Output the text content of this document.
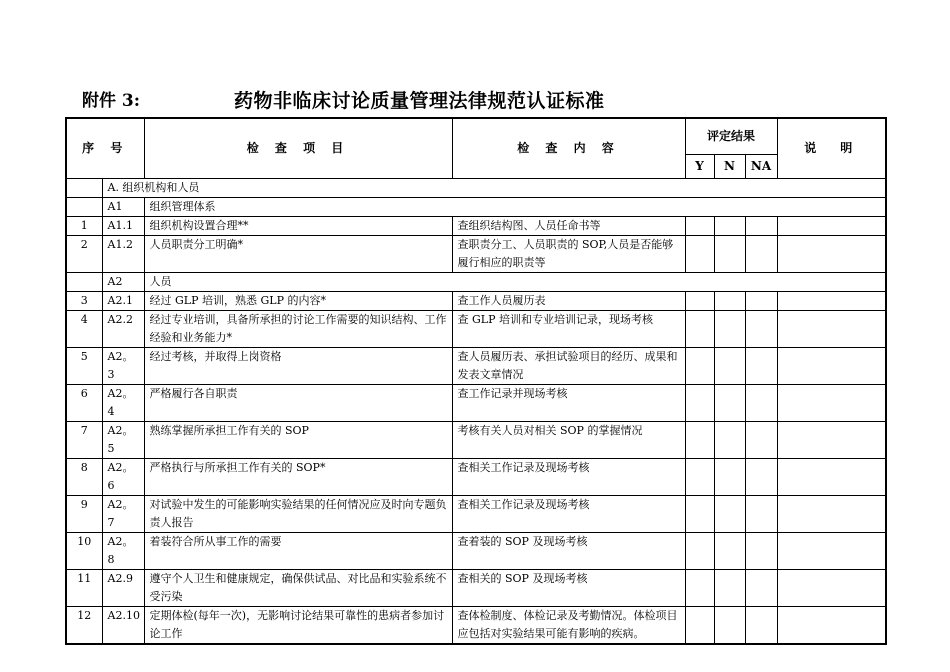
附件 3:	药物非临床讨论质量管理法律规范认证标准
序 号		检 查 项 目	检 查 内 容	评定结果			说　明
				Y	N	NA	
	A. 组织机构和人员						
	A1	组织管理体系					
1	A1.1	组织机构设置合理**	查组织结构图、人员任命书等				
2	A1.2	人员职责分工明确*	查职责分工、人员职责的 SOP,人员是否能够履行相应的职责等				
	A2	人员					
3	A2.1	经过 GLP 培训，熟悉 GLP 的内容*	查工作人员履历表				
4	A2.2	经过专业培训，具备所承担的讨论工作需要的知识结构、工作经验和业务能力*	查 GLP 培训和专业培训记录，现场考核				
5	A2。3	经过考核，并取得上岗资格	查人员履历表、承担试验项目的经历、成果和发表文章情况				
6	A2。4	严格履行各自职责	查工作记录并现场考核				
7	A2。5	熟练掌握所承担工作有关的 SOP	考核有关人员对相关 SOP 的掌握情况				
8	A2。6	严格执行与所承担工作有关的 SOP*	查相关工作记录及现场考核				
9	A2。7	对试验中发生的可能影响实验结果的任何情况应及时向专题负责人报告	查相关工作记录及现场考核				
10	A2。8	着装符合所从事工作的需要	查着装的 SOP 及现场考核				
11	A2.9	遵守个人卫生和健康规定，确保供试品、对比品和实验系统不受污染	查相关的 SOP 及现场考核				
12	A2.10	定期体检(每年一次)，无影响讨论结果可靠性的患病者参加讨论工作	查体检制度、体检记录及考勤情况。体检项目应包括对实验结果可能有影响的疾病。				
